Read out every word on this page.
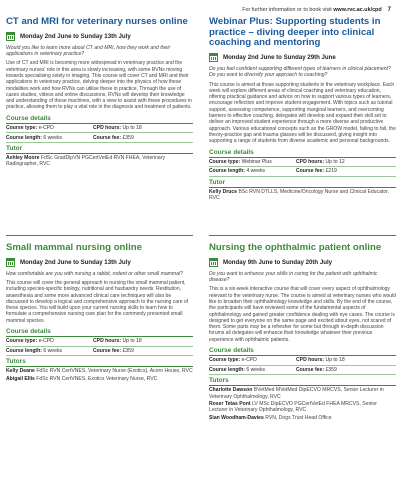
For further information or to book visit www.rvc.ac.uk/cpd 7
CT and MRI for veterinary nurses online
Monday 2nd June to Sunday 13th July
Would you like to learn more about CT and MRI, how they work and their applications in veterinary practice?
Use of CT and MRI is becoming more widespread in veterinary practice and the veterinary nurses' role in this area is slowly increasing, with some RVNs moving towards specialising solely in imaging. This course will cover CT and MRI and their applications in veterinary practice, delving deeper into the physics of how these modalities work and how RVNs can utilise these in practice. Through the use of cases studies, videos and online discussions, RVNs will develop their knowledge and understanding of these machines, with a view to assist with these procedures in practice, allowing them to play a vital role in the diagnosis and treatment of patients.
Course details
Course type: e-CPD	CPD hours: Up to 18
Course length: 6 weeks	Course fee: £359
Tutor
Ashley Moore FdSc GradDipVN PGCertVetEd RVN FHEA, Veterinary Radiographer, RVC
Webinar Plus: Supporting students in practice – diving deeper into clinical coaching and mentoring
Monday 2nd June to Sunday 29th June
Do you feel confident supporting different types of learners in clinical placement? Do you want to diversify your approach to coaching?
This course is aimed at those supporting students in the veterinary workplace. Each week will explore different areas of clinical coaching and veterinary education, offering practical guidance and advice on how to support various types of learners, encourage reflection and improve student engagement. With topics such as tutorial support, assessing competence, supporting marginal learners, and overcoming barriers to effective coaching, delegates will develop and expand their skill set to deliver an improved student experience through a more diverse and productive approach. Various educational concepts such as the GROW model, failing to fail, the theory-practice gap and trauma glasses will be discussed, giving insight into supporting a range of students from diverse academic and personal backgrounds.
Course details
Course type: Webinar Plus	CPD hours: Up to 12
Course length: 4 weeks	Course fee: £219
Tutor
Kelly Druce BSc RVN DTLLS, Medicine/Oncology Nurse and Clinical Educator, RVC
Small mammal nursing online
Monday 2nd June to Sunday 13th July
How comfortable are you with nursing a rabbit, rodent or other small mammal?
This course will cover the general approach to nursing the small mammal patient, including species-specific biology, nutritional and husbandry needs. Restitution, anaesthesia and some more advanced clinical care techniques will also be discussed to develop a logical and comprehensive approach to the nursing care of these species. You will build upon your current nursing skills to learn how to formulate a comprehensive nursing care plan for the commonly presented small mammal species.
Course details
Course type: e-CPD	CPD hours: Up to 18
Course length: 6 weeks	Course fee: £359
Tutors
Kelly Deane FdSc RVN CertVNES, Veterinary Nurse (Exotics), Acorn House, RVC
Abigail Ellis FdSc RVN CertVNES, Exotics Veterinary Nurse, RVC
Nursing the ophthalmic patient online
Monday 9th June to Sunday 20th July
Do you want to enhance your skills in caring for the patient with ophthalmic disease?
This is a six-week interactive course that will cover every aspect of ophthalmology relevant to the veterinary nurse. The course is aimed at veterinary nurses who would like to broaden their ophthalmology knowledge and skills. By the end of the course, the participants will have reviewed some of the fundamental aspects of ophthalmology and gained greater confidence dealing with eye cases. The course is designed to get everyone on the same page and excited about eyes, not scared of them. Some parts may be a refresher for some but through in-depth discussion forums all delegates will enhance their knowledge whatever their previous experience with ophthalmic patients.
Course details
Course type: e-CPD	CPD hours: Up to 18
Course length: 6 weeks	Course fee: £359
Tutors
Charlotte Dawson BVetMed MVetMed DipECVO MRCVS, Senior Lecturer in Veterinary Ophthalmology, RVC
Roser Tetas Pont LV MSc DipECVO PGCertVetEd FHEA MRCVS, Senior Lecturer in Veterinary Ophthalmology, RVC
Sian Woodham-Davies RVN, Dogs Trust Head Office
